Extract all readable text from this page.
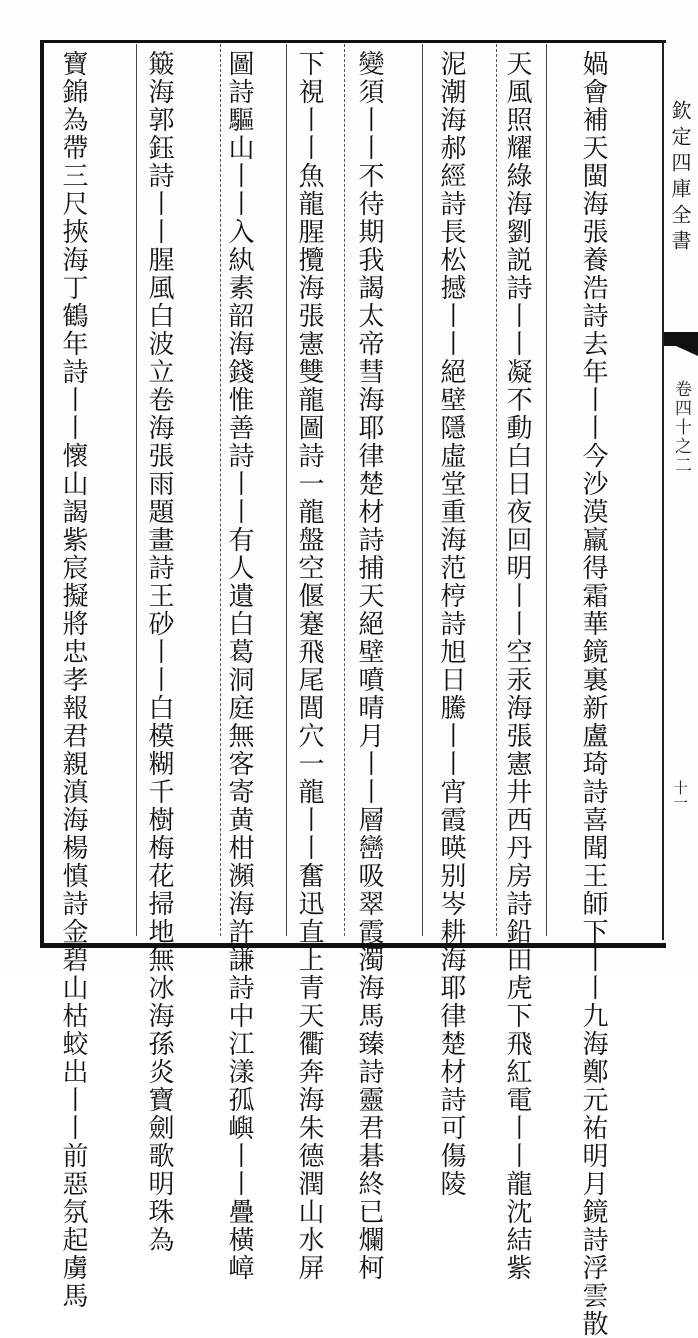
媧會補天閩海張養浩詩去年丨丨今沙漠羸得霜華鏡裏新盧琦詩喜聞王師下丨丨九海鄭元祐明月鏡詩浮雲散
天風照耀綠海劉説詩丨丨凝不動白日夜回明丨丨空汞海張憲井西丹房詩鉛田虎下飛紅電丨丨龍沈結紫
泥潮海郝經詩長松撼丨丨絕壁隱虛堂重海范梈詩旭日騰丨丨宵霞暎别岑耕海耶律楚材詩可傷陵
變須丨丨不待期我謁太帝彗海耶律楚材詩捕天絕壁噴晴月丨丨層巒吸翠霞濁海馬臻詩靈君碁終已爛柯
下視丨丨魚龍腥攬海張憲雙龍圖詩一龍盤空偃蹇飛尾閭穴一龍丨丨奮迅直上青天衢奔海朱德潤山水屏
圖詩驅山丨丨入紈素韶海錢惟善詩丨丨有人遺白葛洞庭無客寄黄柑瀕海許謙詩中江漾孤嶼丨丨疊橫嶂
簸海郭鈺詩丨丨腥風白波立卷海張雨題畫詩王砂丨丨白模糊千樹梅花掃地無冰海孫炎寶劍歌明珠為
寶錦為帶三尺挾海丁鶴年詩丨丨懷山謁紫宸擬將忠孝報君親滇海楊慎詩金碧山枯蛟出丨丨前惡氛起虜馬	欽定四庫全書
卷四十之二
十一
